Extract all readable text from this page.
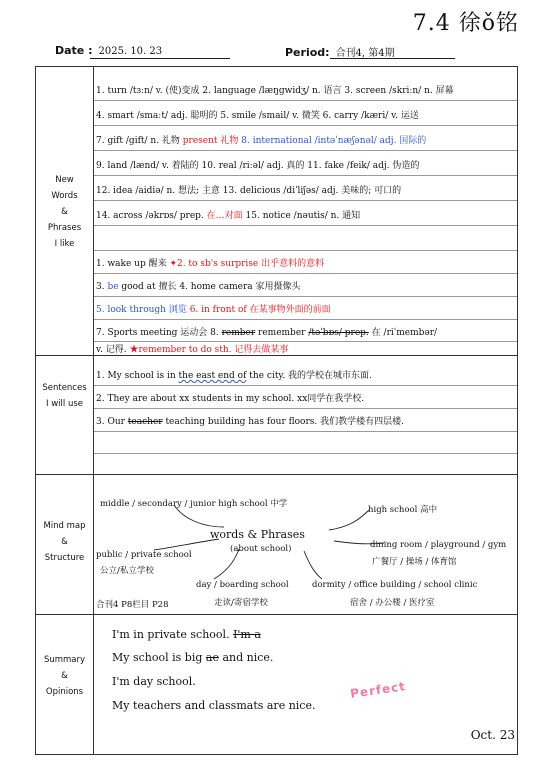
7.4 徐ǒ铭
Date : 2025. 10. 23	Period: 合刊4, 第4期
New
Words
&
Phrases
I like
Sentences
I will use
Mind map
&
Structure
Summary
&
Opinions
1. turn /tɜːn/ v. (使)变成 2. language /læŋgwidʒ/ n. 语言 3. screen /skriːn/ n. 屏幕
4. smart /smaːt/ adj. 聪明的 5. smile /smail/ v. 微笑 6. carry /kæri/ v. 运送
7. gift /gift/ n. 礼物 present 礼物 8. international /intəˈnæʃənəl/ adj. 国际的
9. land /lænd/ v. 着陆的 10. real /riːəl/ adj. 真的 11. fake /feik/ adj. 伪造的
12. idea /aidiə/ n. 想法; 主意 13. delicious /diˈliʃəs/ adj. 美味的; 可口的
14. across /əkrɒs/ prep. 在…对面 15. notice /nəutis/ n. 通知
1. wake up 醒来 ✦2. to sb's surprise 出乎意料的意料
3. be good at 擅长 4. home camera 家用摄像头
5. look through 浏览 6. in front of 在某事物外面的前面
7. Sports meeting 运动会 8. rember remember /təˈbɒs/ prep. 在 /riˈmembər/
v. 记得. ★remember to do sth. 记得去做某事
1. My school is in the east end of the city. 我的学校在城市东面.
2. They are about xx students in my school. xx同学在我学校.
3. Our teacher teaching building has four floors. 我们教学楼有四层楼.
middle / secondary / junior high school 中学
high school 高中
words & Phrases
(about school)
public / private school
公立/私立学校
dining room / playground / gym
广餐厅 / 操场 / 体育馆
day / boarding school
走读/寄宿学校
dormity / office building / school clinic
宿舍 / 办公楼 / 医疗室
合刊4 P8栏目 P28
I'm in private school. I'm a
My school is big ae and nice.
I'm day school.
My teachers and classmats are nice.
Perfect
Oct. 23
